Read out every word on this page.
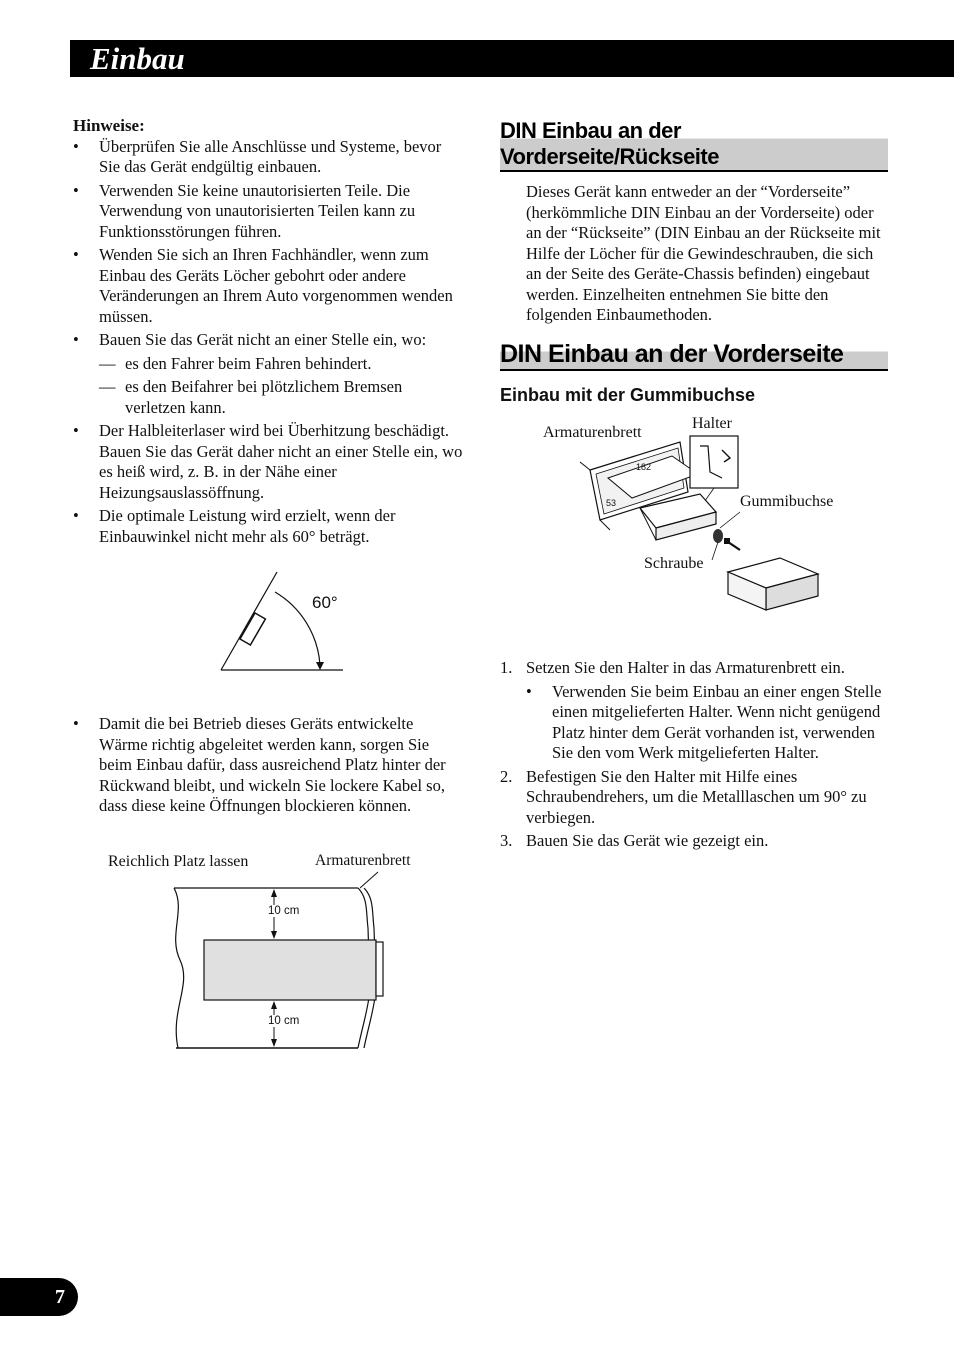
Einbau
Hinweise:
• Überprüfen Sie alle Anschlüsse und Systeme, bevor Sie das Gerät endgültig einbauen.
• Verwenden Sie keine unautorisierten Teile. Die Verwendung von unautorisierten Teilen kann zu Funktionsstörungen führen.
• Wenden Sie sich an Ihren Fachhändler, wenn zum Einbau des Geräts Löcher gebohrt oder andere Veränderungen an Ihrem Auto vorgenommen wenden müssen.
• Bauen Sie das Gerät nicht an einer Stelle ein, wo:
— es den Fahrer beim Fahren behindert.
— es den Beifahrer bei plötzlichem Bremsen verletzen kann.
• Der Halbleiterlaser wird bei Überhitzung beschädigt. Bauen Sie das Gerät daher nicht an einer Stelle ein, wo es heiß wird, z. B. in der Nähe einer Heizungsauslassöffnung.
• Die optimale Leistung wird erzielt, wenn der Einbauwinkel nicht mehr als 60° beträgt.
60°
• Damit die bei Betrieb dieses Geräts entwickelte Wärme richtig abgeleitet werden kann, sorgen Sie beim Einbau dafür, dass ausreichend Platz hinter der Rückwand bleibt, und wickeln Sie lockere Kabel so, dass diese keine Öffnungen blockieren können.
Reichlich Platz lassen	Armaturenbrett
10 cm
10 cm
DIN Einbau an der Vorderseite/Rückseite
Dieses Gerät kann entweder an der “Vorderseite” (herkömmliche DIN Einbau an der Vorderseite) oder an der “Rückseite” (DIN Einbau an der Rückseite mit Hilfe der Löcher für die Gewindeschrauben, die sich an der Seite des Geräte-Chassis befinden) eingebaut werden. Einzelheiten entnehmen Sie bitte den folgenden Einbaumethoden.
DIN Einbau an der Vorderseite
Einbau mit der Gummibuchse
Armaturenbrett
Halter
Gummibuchse
Schraube
182
53
1. Setzen Sie den Halter in das Armaturenbrett ein.
• Verwenden Sie beim Einbau an einer engen Stelle einen mitgelieferten Halter. Wenn nicht genügend Platz hinter dem Gerät vorhanden ist, verwenden Sie den vom Werk mitgelieferten Halter.
2. Befestigen Sie den Halter mit Hilfe eines Schraubendrehers, um die Metalllaschen um 90° zu verbiegen.
3. Bauen Sie das Gerät wie gezeigt ein.
7
